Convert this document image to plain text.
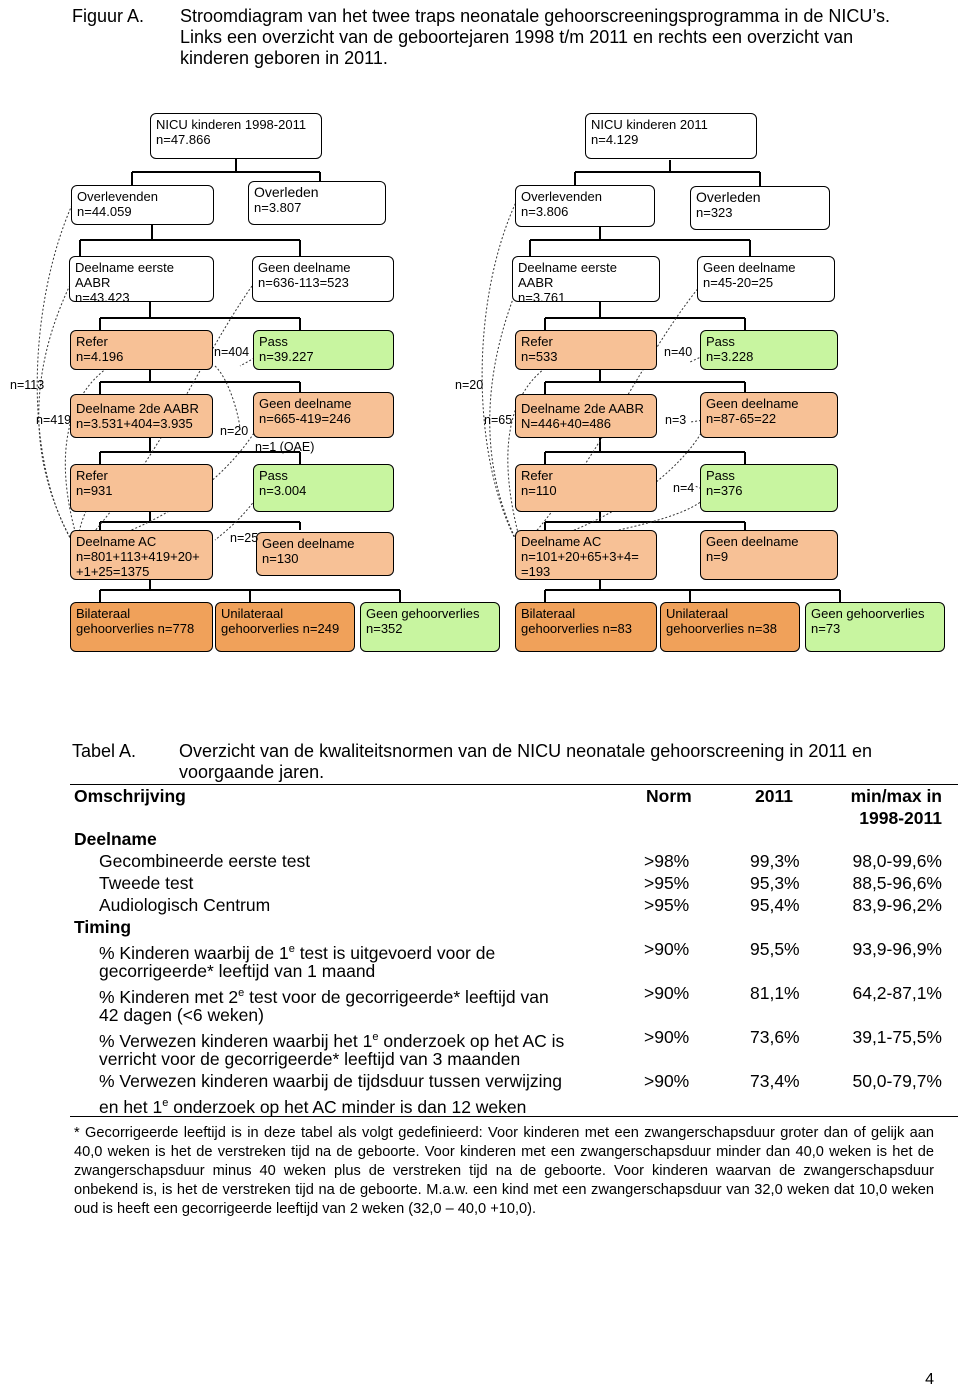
Figuur A. Stroomdiagram van het twee traps neonatale gehoorscreeningsprogramma in de NICU’s.
Links een overzicht van de geboortejaren 1998 t/m 2011 en rechts een overzicht van
kinderen geboren in 2011.
NICU kinderen 1998-2011
n=47.866
Overlevenden
n=44.059
Overleden
n=3.807
Deelname eerste
AABR
n=43.423
Geen deelname
n=636-113=523
Refer
n=4.196
Pass
n=39.227
Deelname 2de AABR
n=3.531+404=3.935
Geen deelname
n=665-419=246
n=1 (OAE)
Refer
n=931
Pass
n=3.004
Deelname AC
n=801+113+419+20+
+1+25=1375
Geen deelname
n=130
Bilateraal
gehoorverlies n=778
Unilateraal
gehoorverlies n=249
Geen gehoorverlies
n=352
n=404
n=113
n=419
n=20
n=25
NICU kinderen 2011
n=4.129
Overlevenden
n=3.806
Overleden
n=323
Deelname eerste
AABR
n=3.761
Geen deelname
n=45-20=25
Refer
n=533
Pass
n=3.228
Deelname 2de AABR
N=446+40=486
Geen deelname
n=87-65=22
Refer
n=110
Pass
n=376
Deelname AC
n=101+20+65+3+4=
=193
Geen deelname
n=9
Bilateraal
gehoorverlies n=83
Unilateraal
gehoorverlies n=38
Geen gehoorverlies
n=73
n=40
n=20
n=65	n=3
n=4
Tabel A. Overzicht van de kwaliteitsnormen van de NICU neonatale gehoorscreening in 2011 en
voorgaande jaren.
Omschrijving	Norm	2011	min/max in
1998-2011
Deelname
Gecombineerde eerste test	>98%	99,3%	98,0-99,6%
Tweede test	>95%	95,3%	88,5-96,6%
Audiologisch Centrum	>95%	95,4%	83,9-96,2%
Timing
% Kinderen waarbij de 1e test is uitgevoerd voor de
gecorrigeerde* leeftijd van 1 maand
>90%	95,5%	93,9-96,9%
% Kinderen met 2e test voor de gecorrigeerde* leeftijd van
42 dagen (<6 weken)
>90%	81,1%	64,2-87,1%
% Verwezen kinderen waarbij het 1e onderzoek op het AC is
verricht voor de gecorrigeerde* leeftijd van 3 maanden
>90%	73,6%	39,1-75,5%
% Verwezen kinderen waarbij de tijdsduur tussen verwijzing
en het 1e onderzoek op het AC minder is dan 12 weken
>90%	73,4%	50,0-79,7%
* Gecorrigeerde leeftijd is in deze tabel als volgt gedefinieerd: Voor kinderen met een zwangerschapsduur groter dan of gelijk aan 40,0 weken is het de verstreken tijd na de geboorte. Voor kinderen met een zwangerschapsduur minder dan 40,0 weken is het de zwangerschapsduur minus 40 weken plus de verstreken tijd na de geboorte. Voor kinderen waarvan de zwangerschapsduur onbekend is, is het de verstreken tijd na de geboorte. M.a.w. een kind met een zwangerschapsduur van 32,0 weken dat 10,0 weken oud is heeft een gecorrigeerde leeftijd van 2 weken (32,0 – 40,0 +10,0).
4
